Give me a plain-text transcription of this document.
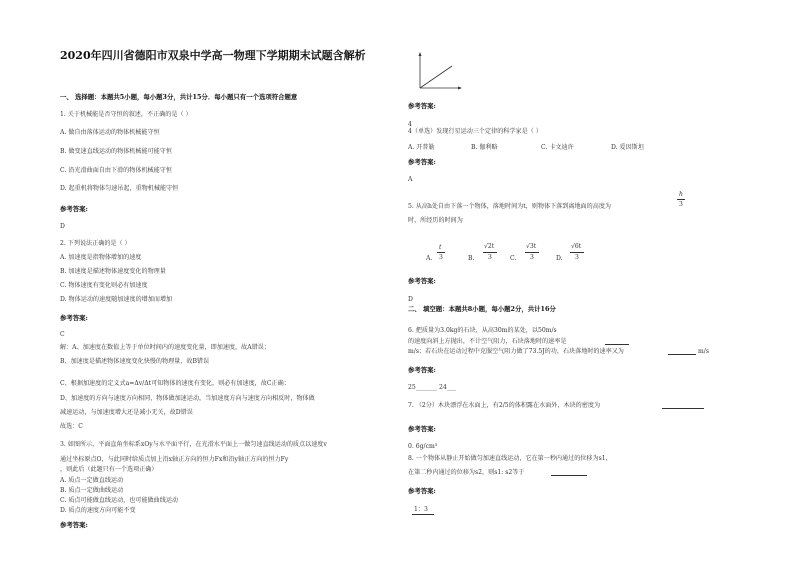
2020年四川省德阳市双泉中学高一物理下学期期末试题含解析
一、 选择题：本题共5小题，每小题3分，共计15分．每小题只有一个选项符合题意
1. 关于机械能是否守恒的叙述，不正确的是（ ）
A. 做自由落体运动的物体机械能守恒
B. 做变速直线运动的物体机械能可能守恒
C. 沿光滑曲面自由下滑的物体机械能守恒
D. 起重机将物体匀速吊起，重物机械能守恒
参考答案:
D
2. 下列说法正确的是（ ）
A. 加速度是指物体增加的速度
B. 加速度是描述物体速度变化的物理量
C. 物体速度有变化则必有加速度
D. 物体运动的速度随加速度的增加而增加
参考答案:
C
解：A、加速度在数值上等于单位时间内的速度变化量，即加速度，故A错误；
B、加速度是描述物体速度变化快慢的物理量，故B错误
C、根据加速度的定义式a=Δv/Δt可知物体的速度有变化，则必有加速度，故C正确；
D、加速度的方向与速度方向相同，物体做加速运动，当加速度方向与速度方向相反时，物体做
减速运动，与加速度增大还是减小无关，故D错误
故选：C
3. 如图所示，平面直角坐标系xOy与水平面平行，在光滑水平面上一做匀速直线运动的质点以速度v
通过坐标原点O，与此同时给质点加上沿x轴正方向的恒力Fx和沿y轴正方向的恒力Fy
，则此后（此题只有一个选项正确）
A. 质点一定做直线运动
B. 质点一定做曲线运动
C. 质点可能做直线运动，也可能做曲线运动
D. 质点的速度方向可能不变
参考答案:
参考答案:
4
4（单选）发现行星运动三个定律的科学家是（ ）
A. 开普勒	B. 伽利略	C. 卡文迪许	D. 爱因斯坦
参考答案:
A
5. 从高h处自由下落一个物体，落地时间为t，则物体下落到离地面的高度为
h
3
时，所经历的时间为
A.
t
3	B.
√2t
3	C.
√3t
3	D.
√6t
3
参考答案:
D
二、 填空题：本题共8小题，每小题2分，共计16分
6. 把质量为3.0kg的石块，从高30m的某处，以50m/s
的速度向斜上方抛出，不计空气阻力，石块落地时的速率是
m/s；若石块在运动过程中克服空气阻力做了73.5J的功，石块落地时的速率又为	m/s
参考答案:
25_______ 24___
7. （2分）木块漂浮在水面上，有2/5的体积露在水面外，木块的密度为
参考答案:
0. 6g/cm³
8. 一个物体从静止开始做匀加速直线运动，它在第一秒内通过的位移为s1，
在第二秒内通过的位移为s2，则s1: s2等于
参考答案:
1：3
